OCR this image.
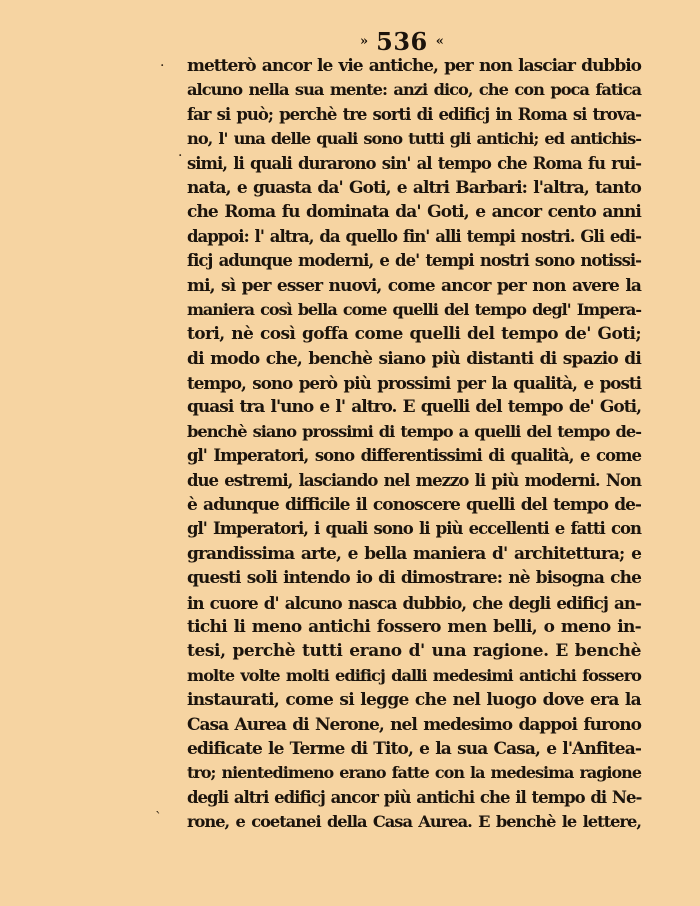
» 536 «
·
·
`
metterò ancor le vie antiche, per non lasciar dubbio
alcuno nella sua mente: anzi dico, che con poca fatica
far si può; perchè tre sorti di edificj in Roma si trova-
no, l' una delle quali sono tutti gli antichi; ed antichis-
simi, li quali durarono sin' al tempo che Roma fu rui-
nata, e guasta da' Goti, e altri Barbari: l'altra, tanto
che Roma fu dominata da' Goti, e ancor cento anni
dappoi: l' altra, da quello fin' alli tempi nostri. Gli edi-
ficj adunque moderni, e de' tempi nostri sono notissi-
mi, sì per esser nuovi, come ancor per non avere la
maniera così bella come quelli del tempo degl' Impera-
tori, nè così goffa come quelli del tempo de' Goti;
di modo che, benchè siano più distanti di spazio di
tempo, sono però più prossimi per la qualità, e posti
quasi tra l'uno e l' altro. E quelli del tempo de' Goti,
benchè siano prossimi di tempo a quelli del tempo de-
gl' Imperatori, sono differentissimi di qualità, e come
due estremi, lasciando nel mezzo li più moderni. Non
è adunque difficile il conoscere quelli del tempo de-
gl' Imperatori, i quali sono li più eccellenti e fatti con
grandissima arte, e bella maniera d' architettura; e
questi soli intendo io di dimostrare: nè bisogna che
in cuore d' alcuno nasca dubbio, che degli edificj an-
tichi li meno antichi fossero men belli, o meno in-
tesi, perchè tutti erano d' una ragione. E benchè
molte volte molti edificj dalli medesimi antichi fossero
instaurati, come si legge che nel luogo dove era la
Casa Aurea di Nerone, nel medesimo dappoi furono
edificate le Terme di Tito, e la sua Casa, e l'Anfitea-
tro; nientedimeno erano fatte con la medesima ragione
degli altri edificj ancor più antichi che il tempo di Ne-
rone, e coetanei della Casa Aurea. E benchè le lettere,
